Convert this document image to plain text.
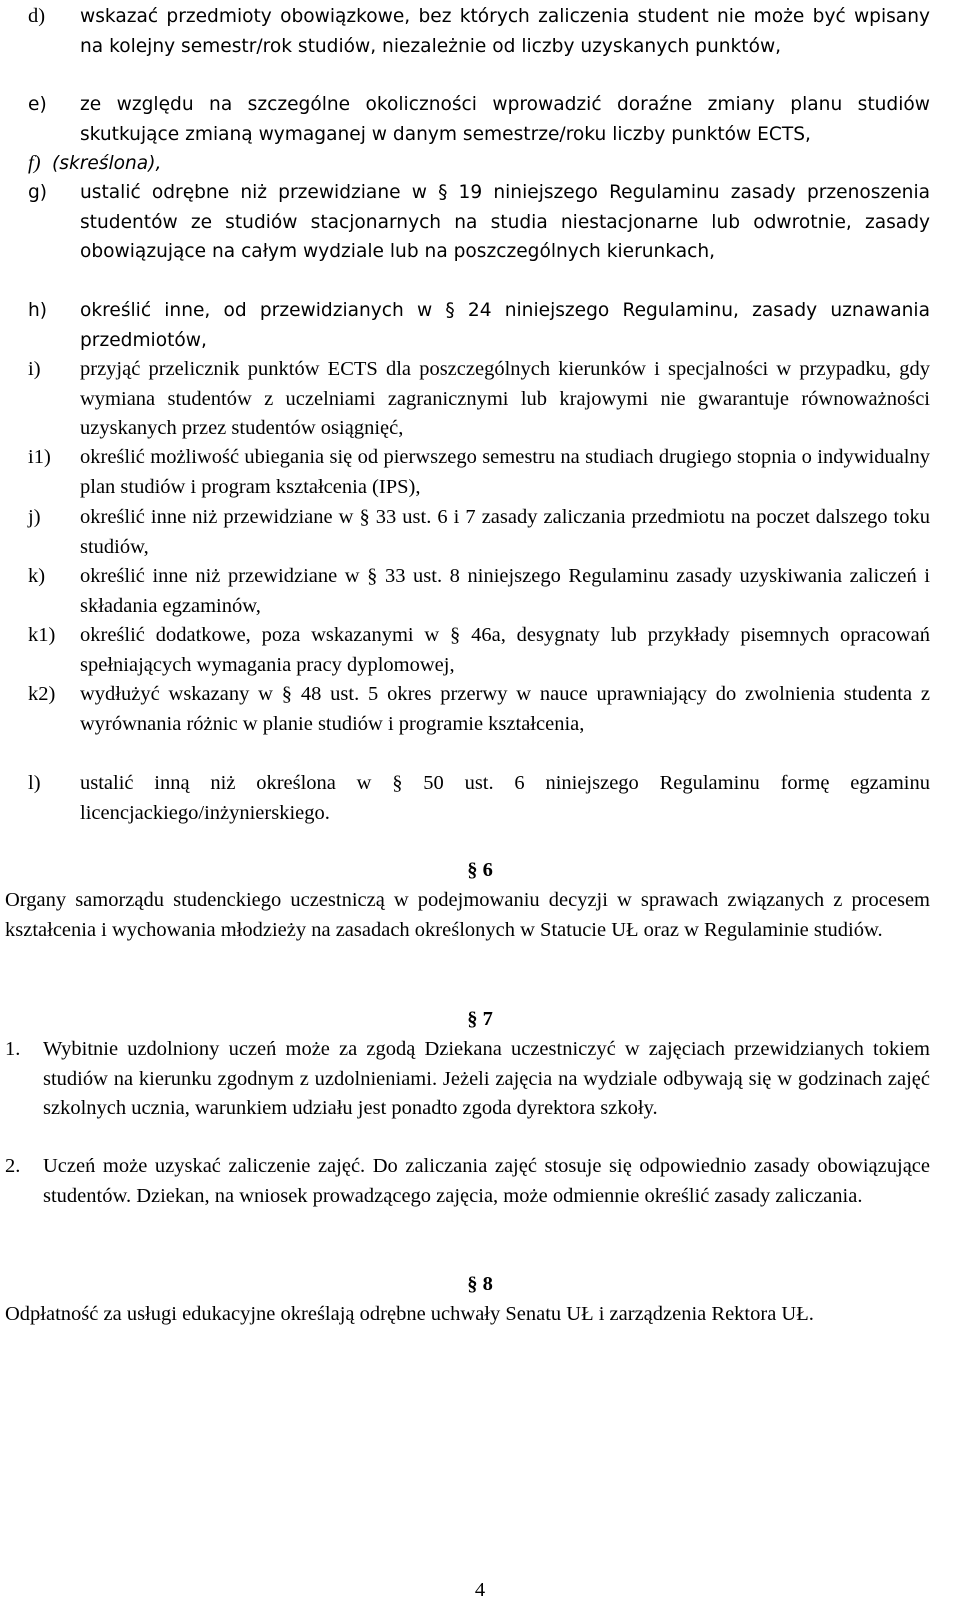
d)	wskazać przedmioty obowiązkowe, bez których zaliczenia student nie może być wpisany na kolejny semestr/rok studiów, niezależnie od liczby uzyskanych punktów,
e)	ze względu na szczególne okoliczności wprowadzić doraźne zmiany planu studiów skutkujące zmianą wymaganej w danym semestrze/roku liczby punktów ECTS,
f) (skreślona),
g)	ustalić odrębne niż przewidziane w § 19 niniejszego Regulaminu zasady przenoszenia studentów ze studiów stacjonarnych na studia niestacjonarne lub odwrotnie, zasady obowiązujące na całym wydziale lub na poszczególnych kierunkach,
h)	określić inne, od przewidzianych w § 24 niniejszego Regulaminu, zasady uznawania przedmiotów,
i)	przyjąć przelicznik punktów ECTS dla poszczególnych kierunków i specjalności w przypadku, gdy wymiana studentów z uczelniami zagranicznymi lub krajowymi nie gwarantuje równoważności uzyskanych przez studentów osiągnięć,
i1)	określić możliwość ubiegania się od pierwszego semestru na studiach drugiego stopnia o indywidualny plan studiów i program kształcenia (IPS),
j)	określić inne niż przewidziane w § 33 ust. 6 i 7 zasady zaliczania przedmiotu na poczet dalszego toku studiów,
k)	określić inne niż przewidziane w § 33 ust. 8 niniejszego Regulaminu zasady uzyskiwania zaliczeń i składania egzaminów,
k1)	określić dodatkowe, poza wskazanymi w § 46a, desygnaty lub przykłady pisemnych opracowań spełniających wymagania pracy dyplomowej,
k2)	wydłużyć wskazany w § 48 ust. 5 okres przerwy w nauce uprawniający do zwolnienia studenta z wyrównania różnic w planie studiów i programie kształcenia,
l)	ustalić inną niż określona w § 50 ust. 6 niniejszego Regulaminu formę egzaminu licencjackiego/inżynierskiego.
§ 6
Organy samorządu studenckiego uczestniczą w podejmowaniu decyzji w sprawach związanych z procesem kształcenia i wychowania młodzieży na zasadach określonych w Statucie UŁ oraz w Regulaminie studiów.
§ 7
1.	Wybitnie uzdolniony uczeń może za zgodą Dziekana uczestniczyć w zajęciach przewidzianych tokiem studiów na kierunku zgodnym z uzdolnieniami. Jeżeli zajęcia na wydziale odbywają się w godzinach zajęć szkolnych ucznia, warunkiem udziału jest ponadto zgoda dyrektora szkoły.
2.	Uczeń może uzyskać zaliczenie zajęć. Do zaliczania zajęć stosuje się odpowiednio zasady obowiązujące studentów. Dziekan, na wniosek prowadzącego zajęcia, może odmiennie określić zasady zaliczania.
§ 8
Odpłatność za usługi edukacyjne określają odrębne uchwały Senatu UŁ i zarządzenia Rektora UŁ.
4
